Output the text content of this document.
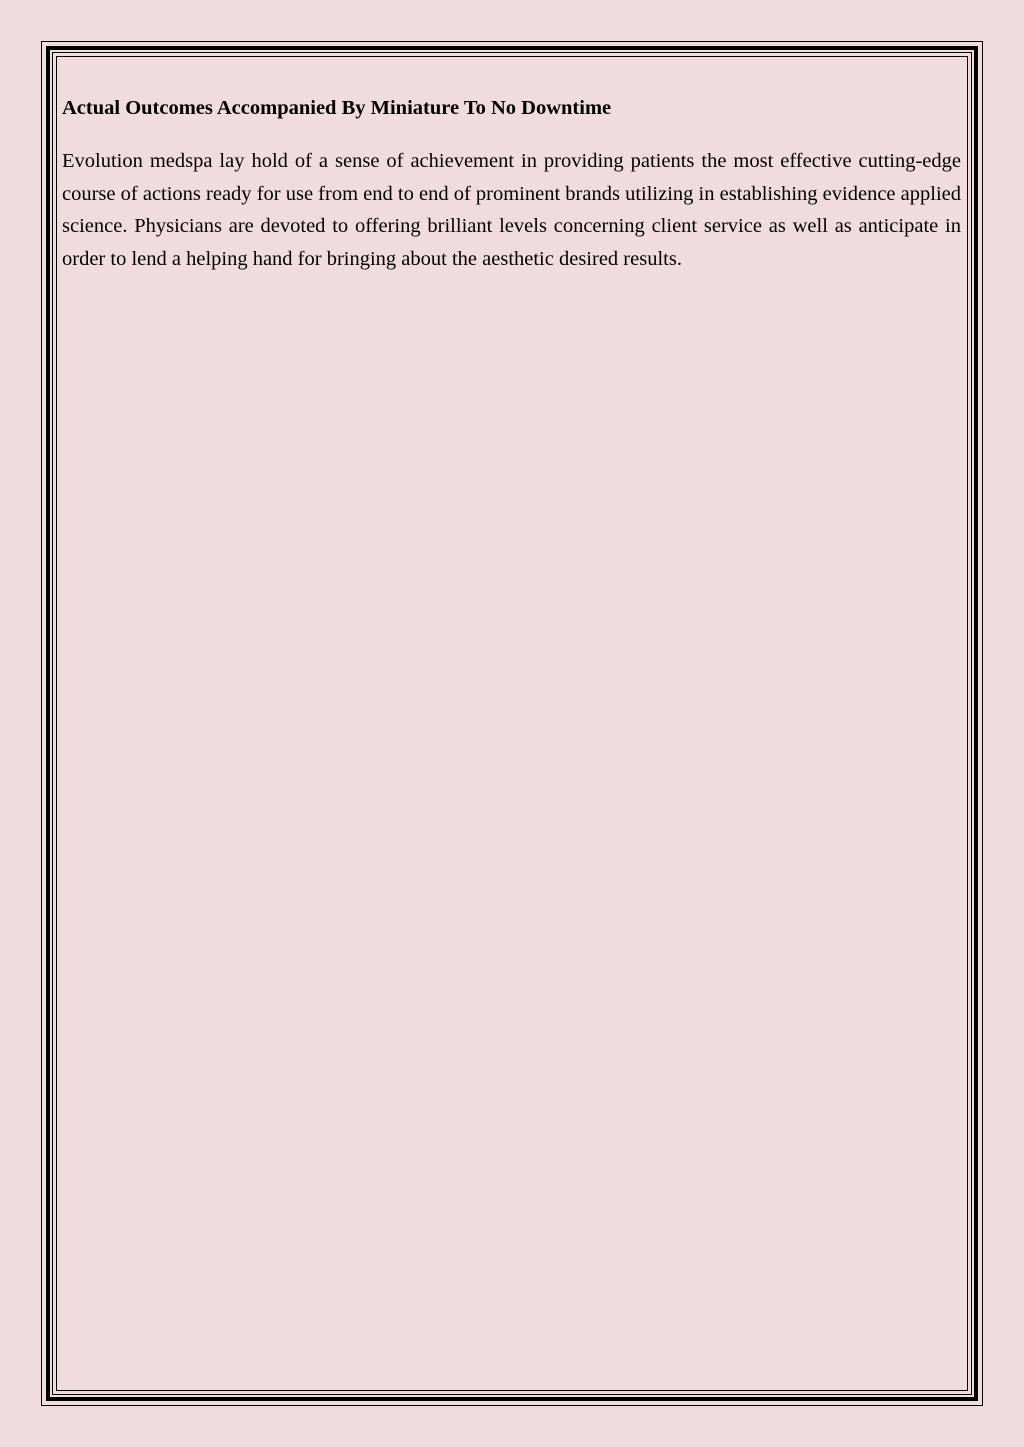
Actual Outcomes Accompanied By Miniature To No Downtime

Evolution medspa lay hold of a sense of achievement in providing patients the most effective cutting-edge course of actions ready for use from end to end of prominent brands utilizing in establishing evidence applied science. Physicians are devoted to offering brilliant levels concerning client service as well as anticipate in order to lend a helping hand for bringing about the aesthetic desired results.
